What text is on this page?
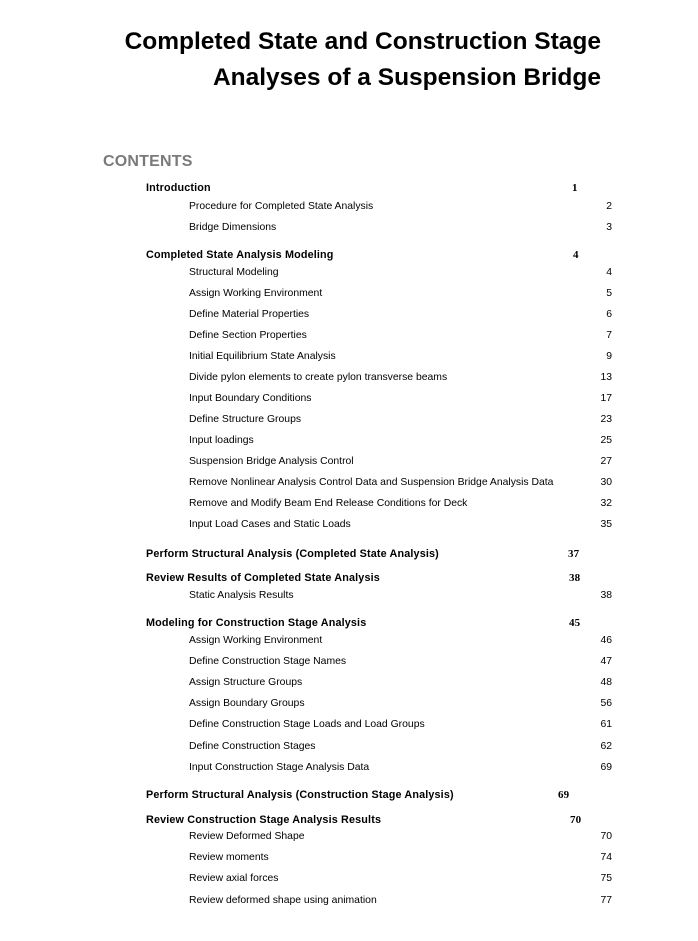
Completed State and Construction Stage
Analyses of a Suspension Bridge
CONTENTS
Introduction	1
Procedure for Completed State Analysis	2
Bridge Dimensions	3
Completed State Analysis Modeling	4
Structural Modeling	4
Assign Working Environment	5
Define Material Properties	6
Define Section Properties	7
Initial Equilibrium State Analysis	9
Divide pylon elements to create pylon transverse beams	13
Input Boundary Conditions	17
Define Structure Groups	23
Input loadings	25
Suspension Bridge Analysis Control	27
Remove Nonlinear Analysis Control Data and Suspension Bridge Analysis Data	30
Remove and Modify Beam End Release Conditions for Deck	32
Input Load Cases and Static Loads	35
Perform Structural Analysis (Completed State Analysis)	37
Review Results of Completed State Analysis	38
Static Analysis Results	38
Modeling for Construction Stage Analysis	45
Assign Working Environment	46
Define Construction Stage Names	47
Assign Structure Groups	48
Assign Boundary Groups	56
Define Construction Stage Loads and Load Groups	61
Define Construction Stages	62
Input Construction Stage Analysis Data	69
Perform Structural Analysis (Construction Stage Analysis)	69
Review Construction Stage Analysis Results	70
Review Deformed Shape	70
Review moments	74
Review axial forces	75
Review deformed shape using animation	77
